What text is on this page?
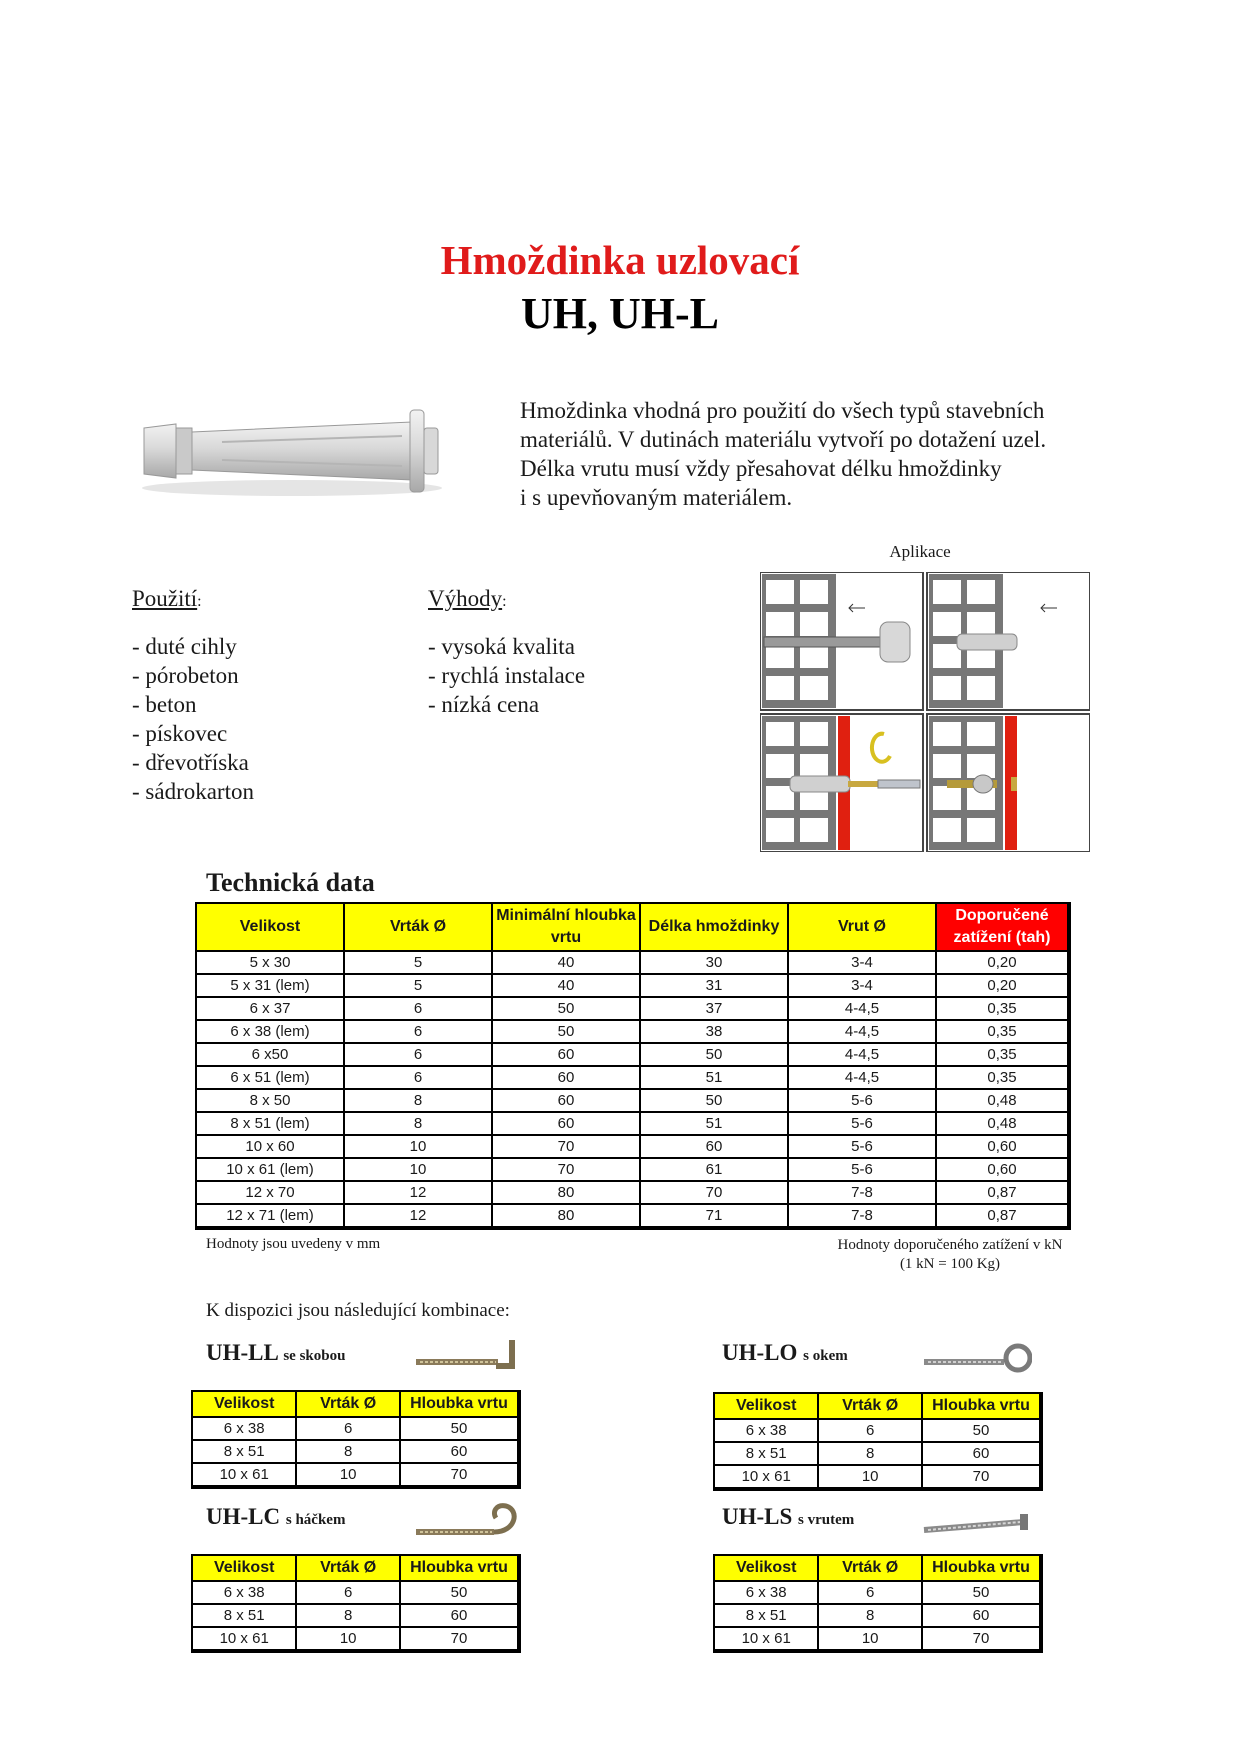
Hmoždinka uzlovací
UH, UH-L
Hmoždinka vhodná pro použití do všech typů stavebních
materiálů. V dutinách materiálu vytvoří po dotažení uzel.
Délka vrutu musí vždy přesahovat délku hmoždinky
i s upevňovaným materiálem.
Použití:
- duté cihly
- pórobeton
- beton
- pískovec
- dřevotříska
- sádrokarton
Výhody:
- vysoká kvalita
- rychlá instalace
- nízká cena
Aplikace
Technická data
Velikost	Vrták Ø	Minimální hloubka vrtu	Délka hmoždinky	Vrut Ø	Doporučené zatížení (tah)
5 x 30	5	40	30	3-4	0,20
5 x 31 (lem)	5	40	31	3-4	0,20
6 x 37	6	50	37	4-4,5	0,35
6 x 38 (lem)	6	50	38	4-4,5	0,35
6 x50	6	60	50	4-4,5	0,35
6 x 51 (lem)	6	60	51	4-4,5	0,35
8 x 50	8	60	50	5-6	0,48
8 x 51 (lem)	8	60	51	5-6	0,48
10 x 60	10	70	60	5-6	0,60
10 x 61 (lem)	10	70	61	5-6	0,60
12 x 70	12	80	70	7-8	0,87
12 x 71 (lem)	12	80	71	7-8	0,87
Hodnoty jsou uvedeny v mm	Hodnoty doporučeného zatížení v kN
(1 kN = 100 Kg)
K dispozici jsou následující kombinace:
UH-LL se skobou
Velikost	Vrták Ø	Hloubka vrtu
6 x 38	6	50
8 x 51	8	60
10 x 61	10	70
UH-LO s okem
Velikost	Vrták Ø	Hloubka vrtu
6 x 38	6	50
8 x 51	8	60
10 x 61	10	70
UH-LC s háčkem
Velikost	Vrták Ø	Hloubka vrtu
6 x 38	6	50
8 x 51	8	60
10 x 61	10	70
UH-LS s vrutem
Velikost	Vrták Ø	Hloubka vrtu
6 x 38	6	50
8 x 51	8	60
10 x 61	10	70
